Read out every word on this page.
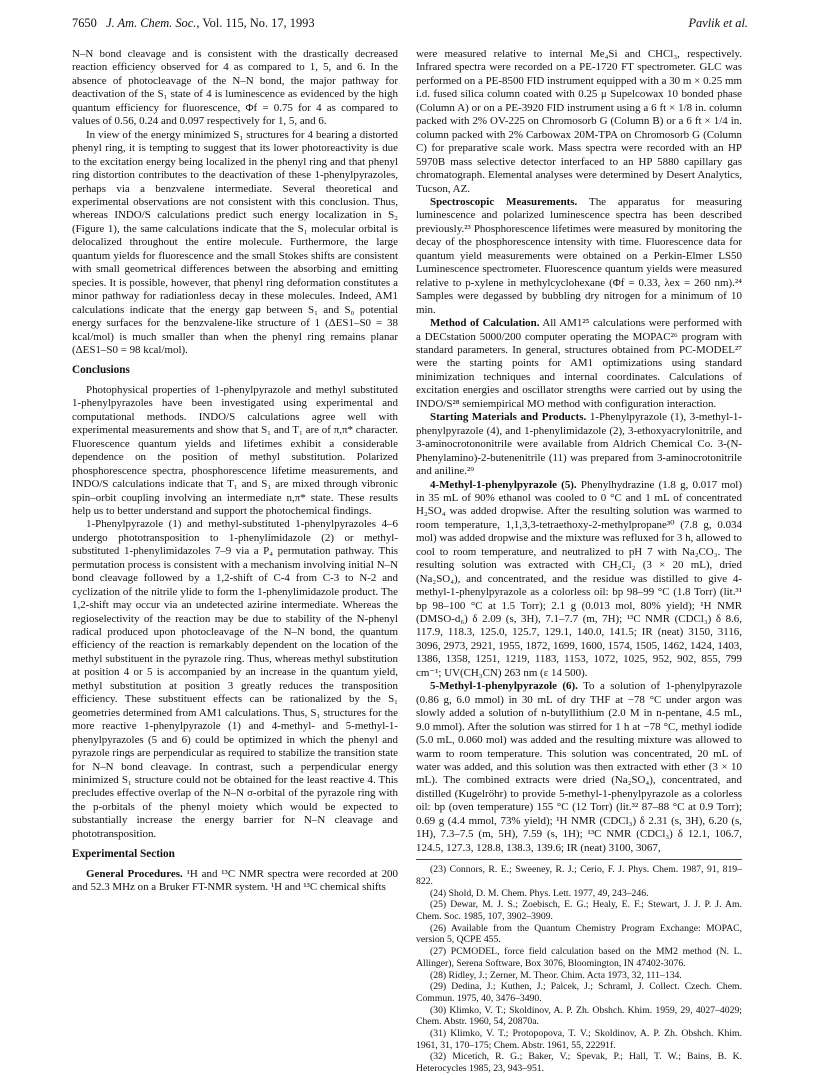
7650 J. Am. Chem. Soc., Vol. 115, No. 17, 1993	Pavlik et al.

N–N bond cleavage and is consistent with the drastically decreased reaction efficiency observed for 4 as compared to 1, 5, and 6. In the absence of photocleavage of the N–N bond, the major pathway for deactivation of the S₁ state of 4 is luminescence as evidenced by the high quantum efficiency for fluorescence, Φf = 0.75 for 4 as compared to values of 0.56, 0.24 and 0.097 respectively for 1, 5, and 6.

In view of the energy minimized S₁ structures for 4 bearing a distorted phenyl ring, it is tempting to suggest that its lower photoreactivity is due to the excitation energy being localized in the phenyl ring and that phenyl ring distortion contributes to the deactivation of these 1-phenylpyrazoles, perhaps via a benzvalene intermediate. Several theoretical and experimental observations are not consistent with this conclusion. Thus, whereas INDO/S calculations predict such energy localization in S₂ (Figure 1), the same calculations indicate that the S₁ molecular orbital is delocalized throughout the entire molecule. Furthermore, the large quantum yields for fluorescence and the small Stokes shifts are consistent with small geometrical differences between the absorbing and emitting species. It is possible, however, that phenyl ring deformation constitutes a minor pathway for radiationless decay in these molecules. Indeed, AM1 calculations indicate that the energy gap between S₁ and S₀ potential energy surfaces for the benzvalene-like structure of 1 (ΔES1–S0 = 38 kcal/mol) is much smaller than when the phenyl ring remains planar (ΔES1–S0 = 98 kcal/mol).

Conclusions

Photophysical properties of 1-phenylpyrazole and methyl substituted 1-phenylpyrazoles have been investigated using experimental and computational methods. INDO/S calculations agree well with experimental measurements and show that S₁ and T₁ are of π,π* character. Fluorescence quantum yields and lifetimes exhibit a considerable dependence on the position of methyl substitution. Polarized phosphorescence spectra, phosphorescence lifetime measurements, and INDO/S calculations indicate that T₁ and S₁ are mixed through vibronic spin–orbit coupling involving an intermediate n,π* state. These results help us to better understand and support the photochemical findings.

1-Phenylpyrazole (1) and methyl-substituted 1-phenylpyrazoles 4–6 undergo phototransposition to 1-phenylimidazole (2) or methyl-substituted 1-phenylimidazoles 7–9 via a P₄ permutation pathway. This permutation process is consistent with a mechanism involving initial N–N bond cleavage followed by a 1,2-shift of C-4 from C-3 to N-2 and cyclization of the nitrile ylide to form the 1-phenylimidazole product. The 1,2-shift may occur via an undetected azirine intermediate. Whereas the regioselectivity of the reaction may be due to stability of the N-phenyl radical produced upon photocleavage of the N–N bond, the quantum efficiency of the reaction is remarkably dependent on the location of the methyl substituent in the pyrazole ring. Thus, whereas methyl substitution at position 4 or 5 is accompanied by an increase in the quantum yield, methyl substitution at position 3 greatly reduces the transposition efficiency. These substituent effects can be rationalized by the S₁ geometries determined from AM1 calculations. Thus, S₁ structures for the more reactive 1-phenylpyrazole (1) and 4-methyl- and 5-methyl-1-phenylpyrazoles (5 and 6) could be optimized in which the phenyl and pyrazole rings are perpendicular as required to stabilize the transition state for N–N bond cleavage. In contrast, such a perpendicular energy minimized S₁ structure could not be obtained for the least reactive 4. This precludes effective overlap of the N–N σ-orbital of the pyrazole ring with the p-orbitals of the phenyl moiety which would be expected to substantially increase the energy barrier for N–N cleavage and phototransposition.

Experimental Section

General Procedures. ¹H and ¹³C NMR spectra were recorded at 200 and 52.3 MHz on a Bruker FT-NMR system. ¹H and ¹³C chemical shifts

were measured relative to internal Me₄Si and CHCl₃, respectively. Infrared spectra were recorded on a PE-1720 FT spectrometer. GLC was performed on a PE-8500 FID instrument equipped with a 30 m × 0.25 mm i.d. fused silica column coated with 0.25 μ Supelcowax 10 bonded phase (Column A) or on a PE-3920 FID instrument using a 6 ft × 1/8 in. column packed with 2% OV-225 on Chromosorb G (Column B) or a 6 ft × 1/4 in. column packed with 2% Carbowax 20M-TPA on Chromosorb G (Column C) for preparative scale work. Mass spectra were recorded with an HP 5970B mass selective detector interfaced to an HP 5880 capillary gas chromatograph. Elemental analyses were determined by Desert Analytics, Tucson, AZ.

Spectroscopic Measurements. The apparatus for measuring luminescence and polarized luminescence spectra has been described previously.²³ Phosphorescence lifetimes were measured by monitoring the decay of the phosphorescence intensity with time. Fluorescence data for quantum yield measurements were obtained on a Perkin-Elmer LS50 Luminescence spectrometer. Fluorescence quantum yields were measured relative to p-xylene in methylcyclohexane (Φf = 0.33, λex = 260 nm).²⁴ Samples were degassed by bubbling dry nitrogen for a minimum of 10 min.

Method of Calculation. All AM1²⁵ calculations were performed with a DECstation 5000/200 computer operating the MOPAC²⁶ program with standard parameters. In general, structures obtained from PC-MODEL²⁷ were the starting points for AM1 optimizations using standard minimization techniques and internal coordinates. Calculations of excitation energies and oscillator strengths were carried out by using the INDO/S²⁸ semiempirical MO method with configuration interaction.

Starting Materials and Products. 1-Phenylpyrazole (1), 3-methyl-1-phenylpyrazole (4), and 1-phenylimidazole (2), 3-ethoxyacrylonitrile, and 3-aminocrotononitrile were available from Aldrich Chemical Co. 3-(N-Phenylamino)-2-butenenitrile (11) was prepared from 3-aminocrotonitrile and aniline.²⁹

4-Methyl-1-phenylpyrazole (5). Phenylhydrazine (1.8 g, 0.017 mol) in 35 mL of 90% ethanol was cooled to 0 °C and 1 mL of concentrated H₂SO₄ was added dropwise. After the resulting solution was warmed to room temperature, 1,1,3,3-tetraethoxy-2-methylpropane³⁰ (7.8 g, 0.034 mol) was added dropwise and the mixture was refluxed for 3 h, allowed to cool to room temperature, and neutralized to pH 7 with Na₂CO₃. The resulting solution was extracted with CH₂Cl₂ (3 × 20 mL), dried (Na₂SO₄), and concentrated, and the residue was distilled to give 4-methyl-1-phenylpyrazole as a colorless oil: bp 98–99 °C (1.8 Torr) (lit.³¹ bp 98–100 °C at 1.5 Torr); 2.1 g (0.013 mol, 80% yield); ¹H NMR (DMSO-d₆) δ 2.09 (s, 3H), 7.1–7.7 (m, 7H); ¹³C NMR (CDCl₃) δ 8.6, 117.9, 118.3, 125.0, 125.7, 129.1, 140.0, 141.5; IR (neat) 3150, 3116, 3096, 2973, 2921, 1955, 1872, 1699, 1600, 1574, 1505, 1462, 1424, 1403, 1386, 1358, 1251, 1219, 1183, 1153, 1072, 1025, 952, 902, 855, 799 cm⁻¹; UV(CH₃CN) 263 nm (ε 14 500).

5-Methyl-1-phenylpyrazole (6). To a solution of 1-phenylpyrazole (0.86 g, 6.0 mmol) in 30 mL of dry THF at −78 °C under argon was slowly added a solution of n-butyllithium (2.0 M in n-pentane, 4.5 mL, 9.0 mmol). After the solution was stirred for 1 h at −78 °C, methyl iodide (5.0 mL, 0.060 mol) was added and the resulting mixture was allowed to warm to room temperature. This solution was concentrated, 20 mL of water was added, and this solution was then extracted with ether (3 × 10 mL). The combined extracts were dried (Na₂SO₄), concentrated, and distilled (Kugelröhr) to provide 5-methyl-1-phenylpyrazole as a colorless oil: bp (oven temperature) 155 °C (12 Torr) (lit.³² 87–88 °C at 0.9 Torr); 0.69 g (4.4 mmol, 73% yield); ¹H NMR (CDCl₃) δ 2.31 (s, 3H), 6.20 (s, 1H), 7.3–7.5 (m, 5H), 7.59 (s, 1H); ¹³C NMR (CDCl₃) δ 12.1, 106.7, 124.5, 127.3, 128.8, 138.3, 139.6; IR (neat) 3100, 3067,

(23) Connors, R. E.; Sweeney, R. J.; Cerio, F. J. Phys. Chem. 1987, 91, 819–822.

(24) Shold, D. M. Chem. Phys. Lett. 1977, 49, 243–246.

(25) Dewar, M. J. S.; Zoebisch, E. G.; Healy, E. F.; Stewart, J. J. P. J. Am. Chem. Soc. 1985, 107, 3902–3909.

(26) Available from the Quantum Chemistry Program Exchange: MOPAC, version 5, QCPE 455.

(27) PCMODEL, force field calculation based on the MM2 method (N. L. Allinger), Serena Software, Box 3076, Bloomington, IN 47402-3076.

(28) Ridley, J.; Zerner, M. Theor. Chim. Acta 1973, 32, 111–134.

(29) Dedina, J.; Kuthen, J.; Palcek, J.; Schraml, J. Collect. Czech. Chem. Commun. 1975, 40, 3476–3490.

(30) Klimko, V. T.; Skoldinov, A. P. Zh. Obshch. Khim. 1959, 29, 4027–4029; Chem. Abstr. 1960, 54, 20870a.

(31) Klimko, V. T.; Protopopova, T. V.; Skoldinov, A. P. Zh. Obshch. Khim. 1961, 31, 170–175; Chem. Abstr. 1961, 55, 22291f.

(32) Micetich, R. G.; Baker, V.; Spevak, P.; Hall, T. W.; Bains, B. K. Heterocycles 1985, 23, 943–951.
